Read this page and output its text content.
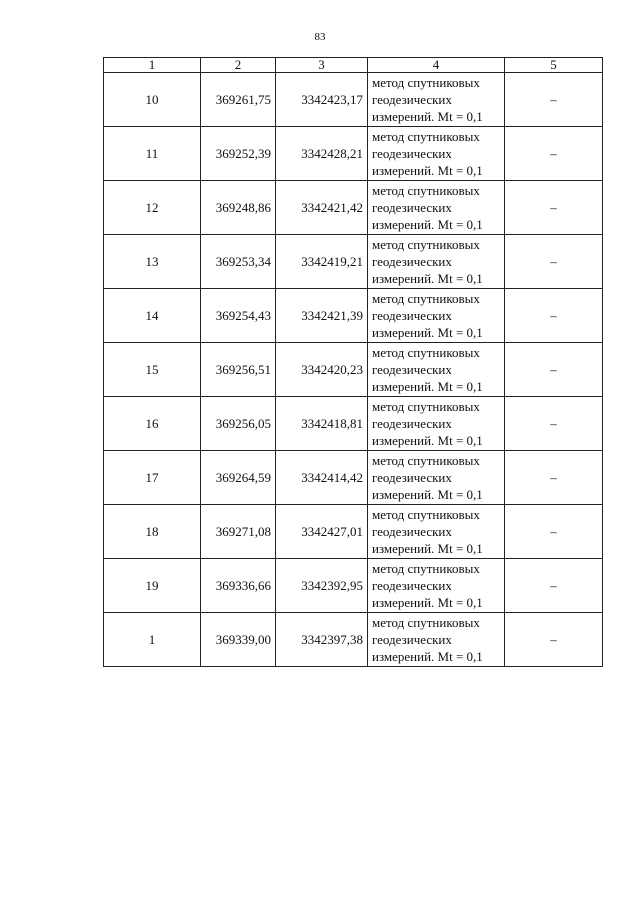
83
1	2	3	4	5
10	369261,75	3342423,17	метод спутниковых
геодезических
измерений. Mt = 0,1	–
11	369252,39	3342428,21	метод спутниковых
геодезических
измерений. Mt = 0,1	–
12	369248,86	3342421,42	метод спутниковых
геодезических
измерений. Mt = 0,1	–
13	369253,34	3342419,21	метод спутниковых
геодезических
измерений. Mt = 0,1	–
14	369254,43	3342421,39	метод спутниковых
геодезических
измерений. Mt = 0,1	–
15	369256,51	3342420,23	метод спутниковых
геодезических
измерений. Mt = 0,1	–
16	369256,05	3342418,81	метод спутниковых
геодезических
измерений. Mt = 0,1	–
17	369264,59	3342414,42	метод спутниковых
геодезических
измерений. Mt = 0,1	–
18	369271,08	3342427,01	метод спутниковых
геодезических
измерений. Mt = 0,1	–
19	369336,66	3342392,95	метод спутниковых
геодезических
измерений. Mt = 0,1	–
1	369339,00	3342397,38	метод спутниковых
геодезических
измерений. Mt = 0,1	–
